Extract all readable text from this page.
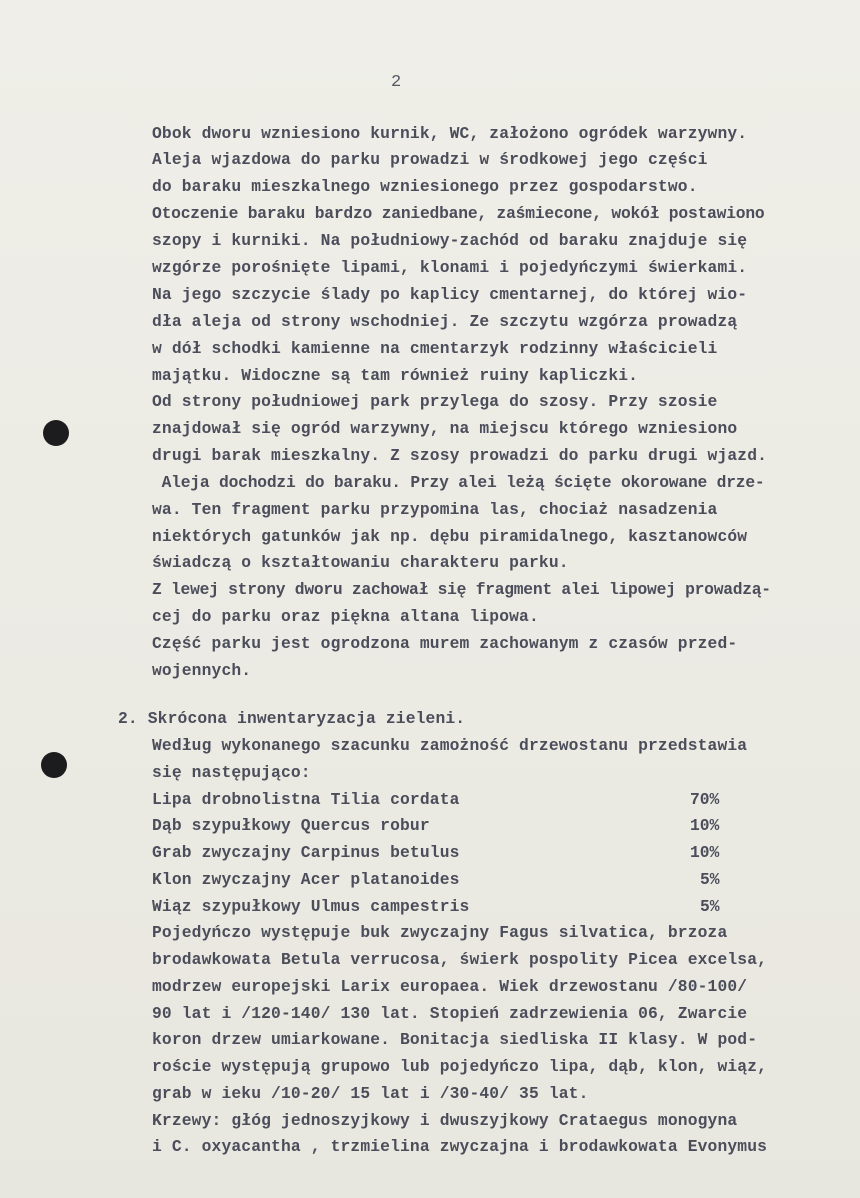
2
Obok dworu wzniesiono kurnik, WC, założono ogródek warzywny.
Aleja wjazdowa do parku prowadzi w środkowej jego części
do baraku mieszkalnego wzniesionego przez gospodarstwo.
Otoczenie baraku bardzo zaniedbane, zaśmiecone, wokół postawiono
szopy i kurniki. Na południowy-zachód od baraku znajduje się
wzgórze porośnięte lipami, klonami i pojedyńczymi świerkami.
Na jego szczycie ślady po kaplicy cmentarnej, do której wio-
dła aleja od strony wschodniej. Ze szczytu wzgórza prowadzą
w dół schodki kamienne na cmentarzyk rodzinny właścicieli
majątku. Widoczne są tam również ruiny kapliczki.
Od strony południowej park przylega do szosy. Przy szosie
znajdował się ogród warzywny, na miejscu którego wzniesiono
drugi barak mieszkalny. Z szosy prowadzi do parku drugi wjazd.
Aleja dochodzi do baraku. Przy alei leżą ścięte okorowane drze-
wa. Ten fragment parku przypomina las, chociaż nasadzenia
niektórych gatunków jak np. dębu piramidalnego, kasztanowców
świadczą o kształtowaniu charakteru parku.
Z lewej strony dworu zachował się fragment alei lipowej prowadzą-
cej do parku oraz piękna altana lipowa.
Część parku jest ogrodzona murem zachowanym z czasów przed-
wojennych.
2. Skrócona inwentaryzacja zieleni.
Według wykonanego szacunku zamożność drzewostanu przedstawia
się następująco:
Lipa drobnolistna Tilia cordata	70%
Dąb szypułkowy Quercus robur	10%
Grab zwyczajny Carpinus betulus	10%
Klon zwyczajny Acer platanoides	5%
Wiąz szypułkowy Ulmus campestris	5%
Pojedyńczo występuje buk zwyczajny Fagus silvatica, brzoza
brodawkowata Betula verrucosa, świerk pospolity Picea excelsa,
modrzew europejski Larix europaea. Wiek drzewostanu /80-100/
90 lat i /120-140/ 130 lat. Stopień zadrzewienia 06, Zwarcie
koron drzew umiarkowane. Bonitacja siedliska II klasy. W pod-
roście występują grupowo lub pojedyńczo lipa, dąb, klon, wiąz,
grab w ieku /10-20/ 15 lat i /30-40/ 35 lat.
Krzewy: głóg jednoszyjkowy i dwuszyjkowy Crataegus monogyna
i C. oxyacantha , trzmielina zwyczajna i brodawkowata Evonymus
